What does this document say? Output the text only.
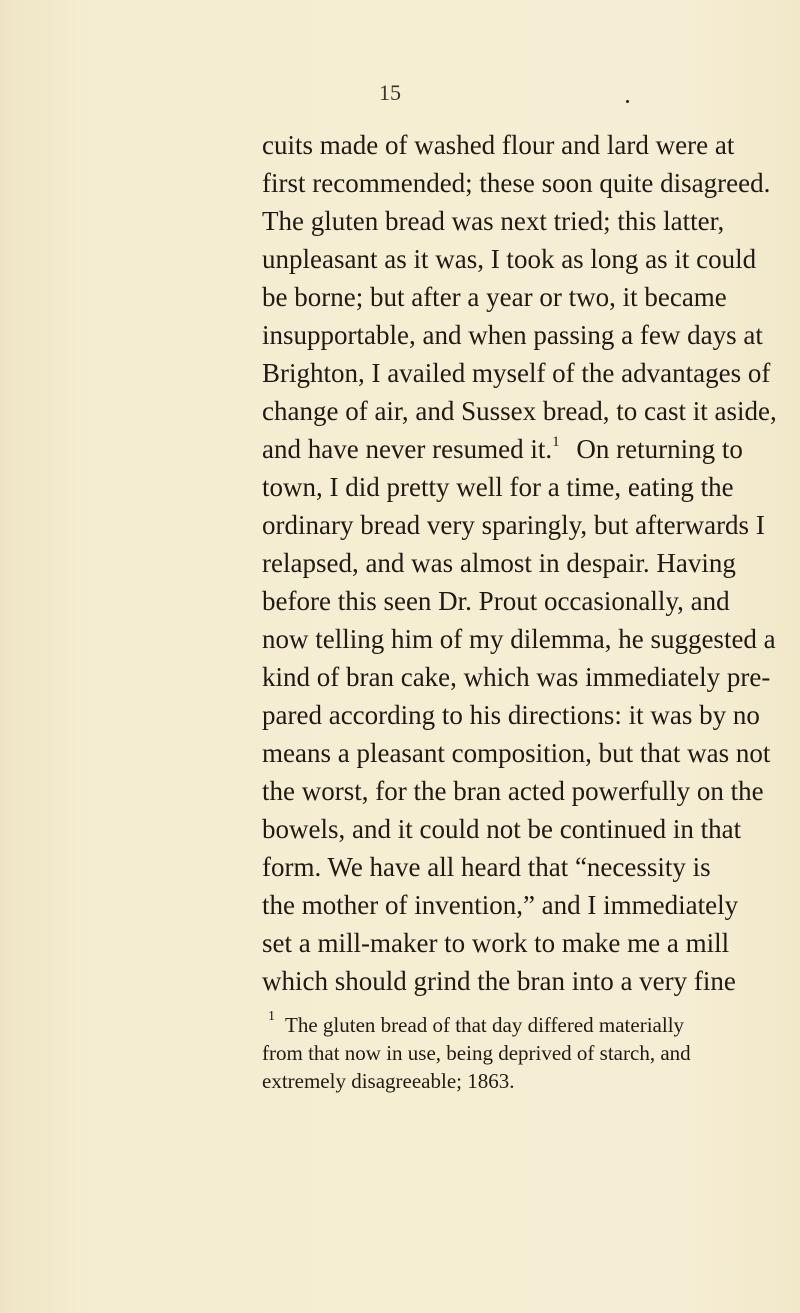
15
cuits made of washed flour and lard were at
first recommended; these soon quite disagreed.
The gluten bread was next tried; this latter,
unpleasant as it was, I took as long as it could
be borne; but after a year or two, it became
insupportable, and when passing a few days at
Brighton, I availed myself of the advantages of
change of air, and Sussex bread, to cast it aside,
and have never resumed it.$^1$ On returning to
town, I did pretty well for a time, eating the
ordinary bread very sparingly, but afterwards I
relapsed, and was almost in despair. Having
before this seen Dr. Prout occasionally, and
now telling him of my dilemma, he suggested a
kind of bran cake, which was immediately pre-
pared according to his directions: it was by no
means a pleasant composition, but that was not
the worst, for the bran acted powerfully on the
bowels, and it could not be continued in that
form. We have all heard that “necessity is
the mother of invention,” and I immediately
set a mill-maker to work to make me a mill
which should grind the bran into a very fine
$^1$ The gluten bread of that day differed materially
from that now in use, being deprived of starch, and
extremely disagreeable; 1863.
